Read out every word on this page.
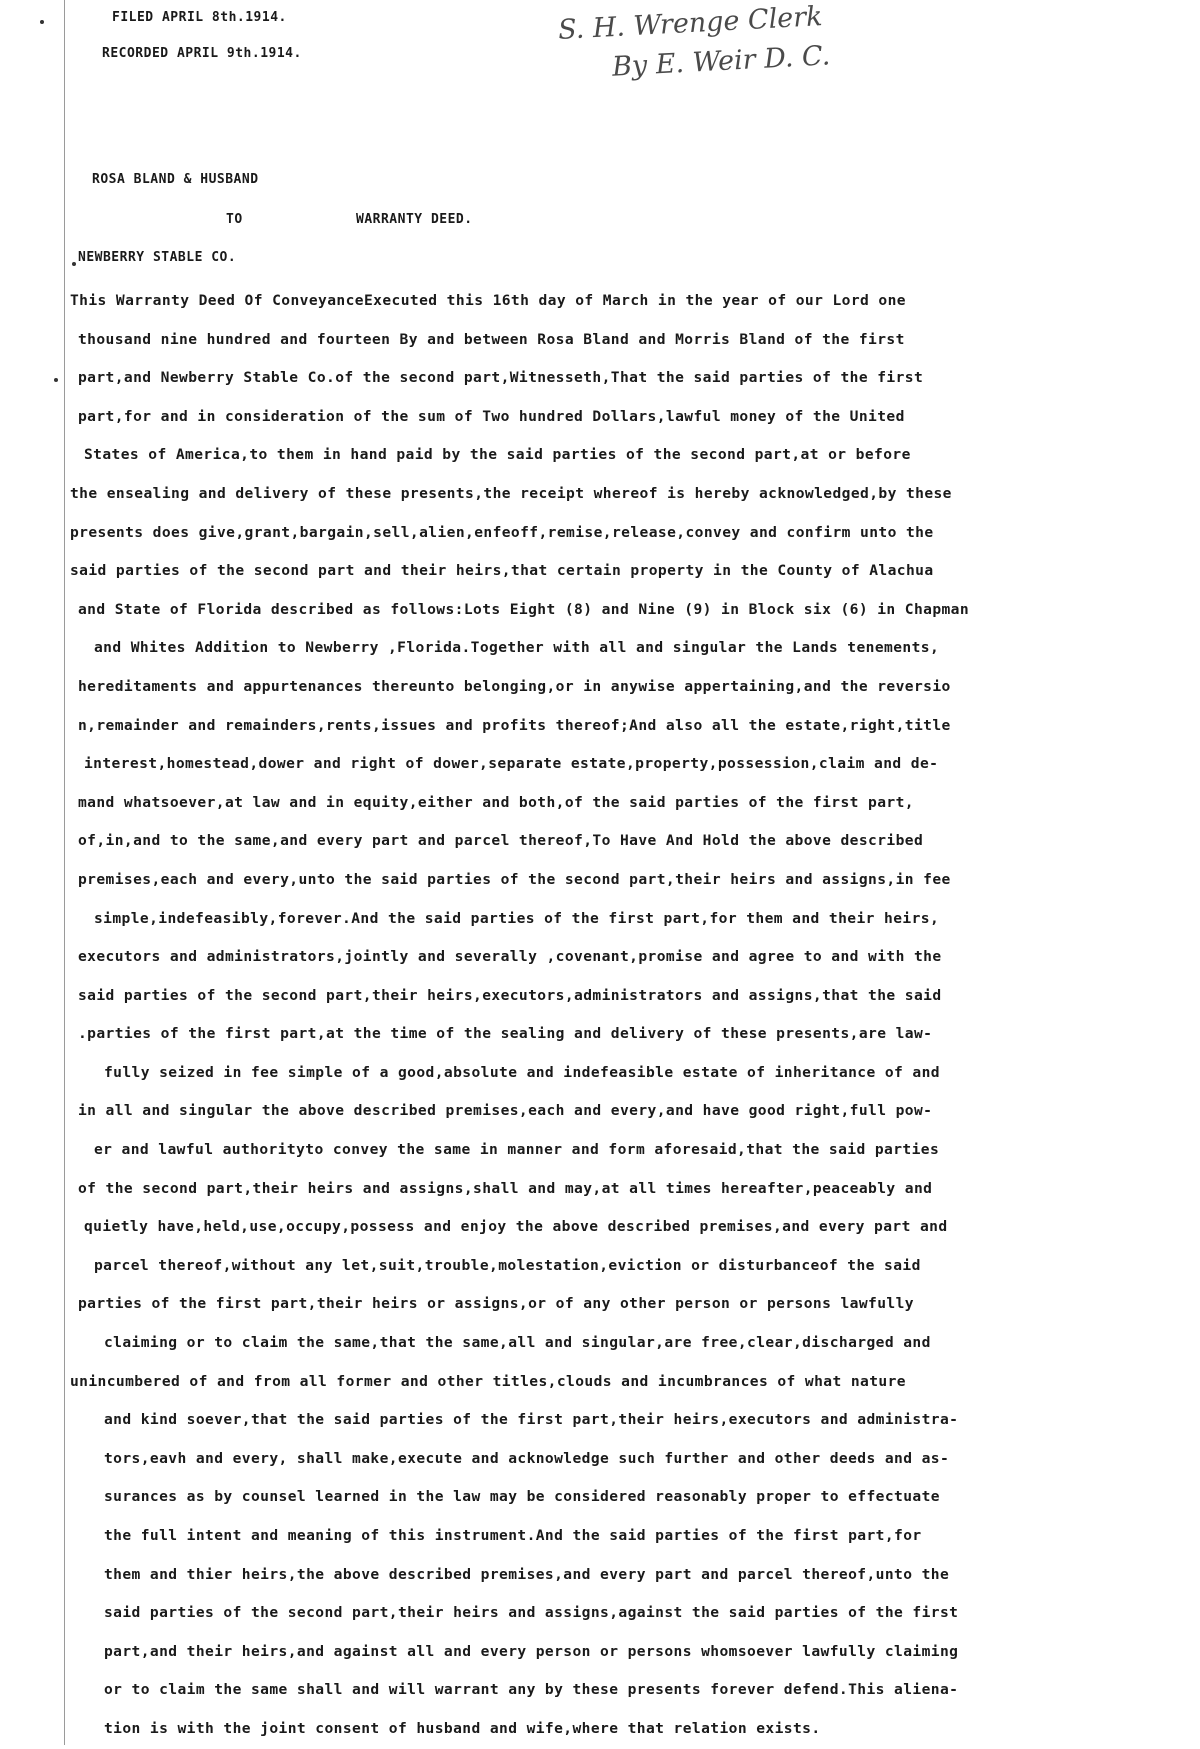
FILED APRIL 8th.1914.
RECORDED APRIL 9th.1914.
S. H. Wrenge Clerk
By E. Weir D. C.
ROSA BLAND & HUSBAND
TO	WARRANTY DEED.
NEWBERRY STABLE CO.
This Warranty Deed Of ConveyanceExecuted this 16th day of March in the year of our Lord one
thousand nine hundred and fourteen By and between Rosa Bland and Morris Bland of the first
part,and Newberry Stable Co.of the second part,Witnesseth,That the said parties of the first
part,for and in consideration of the sum of Two hundred Dollars,lawful money of the United
States of America,to them in hand paid by the said parties of the second part,at or before
the ensealing and delivery of these presents,the receipt whereof is hereby acknowledged,by these
presents does give,grant,bargain,sell,alien,enfeoff,remise,release,convey and confirm unto the
said parties of the second part and their heirs,that certain property in the County of Alachua
and State of Florida described as follows:Lots Eight (8) and Nine (9) in Block six (6) in Chapman
and Whites Addition to Newberry ,Florida.Together with all and singular the Lands tenements,
hereditaments and appurtenances thereunto belonging,or in anywise appertaining,and the reversio
n,remainder and remainders,rents,issues and profits thereof;And also all the estate,right,title
interest,homestead,dower and right of dower,separate estate,property,possession,claim and de-
mand whatsoever,at law and in equity,either and both,of the said parties of the first part,
of,in,and to the same,and every part and parcel thereof,To Have And Hold the above described
premises,each and every,unto the said parties of the second part,their heirs and assigns,in fee
simple,indefeasibly,forever.And the said parties of the first part,for them and their heirs,
executors and administrators,jointly and severally ,covenant,promise and agree to and with the
said parties of the second part,their heirs,executors,administrators and assigns,that the said
.parties of the first part,at the time of the sealing and delivery of these presents,are law-
fully seized in fee simple of a good,absolute and indefeasible estate of inheritance of and
in all and singular the above described premises,each and every,and have good right,full pow-
er and lawful authorityto convey the same in manner and form aforesaid,that the said parties
of the second part,their heirs and assigns,shall and may,at all times hereafter,peaceably and
quietly have,held,use,occupy,possess and enjoy the above described premises,and every part and
parcel thereof,without any let,suit,trouble,molestation,eviction or disturbanceof the said
parties of the first part,their heirs or assigns,or of any other person or persons lawfully
claiming or to claim the same,that the same,all and singular,are free,clear,discharged and
unincumbered of and from all former and other titles,clouds and incumbrances of what nature
and kind soever,that the said parties of the first part,their heirs,executors and administra-
tors,eavh and every, shall make,execute and acknowledge such further and other deeds and as-
surances as by counsel learned in the law may be considered reasonably proper to effectuate
the full intent and meaning of this instrument.And the said parties of the first part,for
them and thier heirs,the above described premises,and every part and parcel thereof,unto the
said parties of the second part,their heirs and assigns,against the said parties of the first
part,and their heirs,and against all and every person or persons whomsoever lawfully claiming
or to claim the same shall and will warrant any by these presents forever defend.This aliena-
tion is with the joint consent of husband and wife,where that relation exists.
